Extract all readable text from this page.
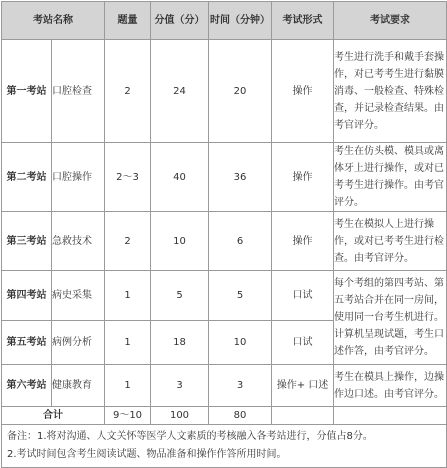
考站名称		题量	分值（分）	时间（分钟）	考试形式	考试要求
第一考站	口腔检查	2	24	20	操作	考生进行洗手和戴手套操作，对已考考生进行黏膜消毒、一般检查、特殊检查，并记录检查结果。由考官评分。
第二考站	口腔操作	2～3	40	36	操作	考生在仿头模、模具或离体牙上进行操作，或对已考考生进行操作。由考官评分。
第三考站	急救技术	2	10	6	操作	考生在模拟人上进行操作，或对已考考生进行检查。由考官评分。
第四考站	病史采集	1	5	5	口试	每个考组的第四考站、第五考站合并在同一房间，使用同一台考生机进行。计算机呈现试题，考生口述作答，由考官评分。
第五考站	病例分析	1	18	10	口试	
第六考站	健康教育	1	3	3	操作+ 口述	考生在模具上操作，边操作边口述。由考官评分。
合计		9～10	100	80		

备注：1.将对沟通、人文关怀等医学人文素质的考核融入各考站进行，分值占8分。
2.考试时间包含考生阅读试题、物品准备和操作作答所用时间。						
